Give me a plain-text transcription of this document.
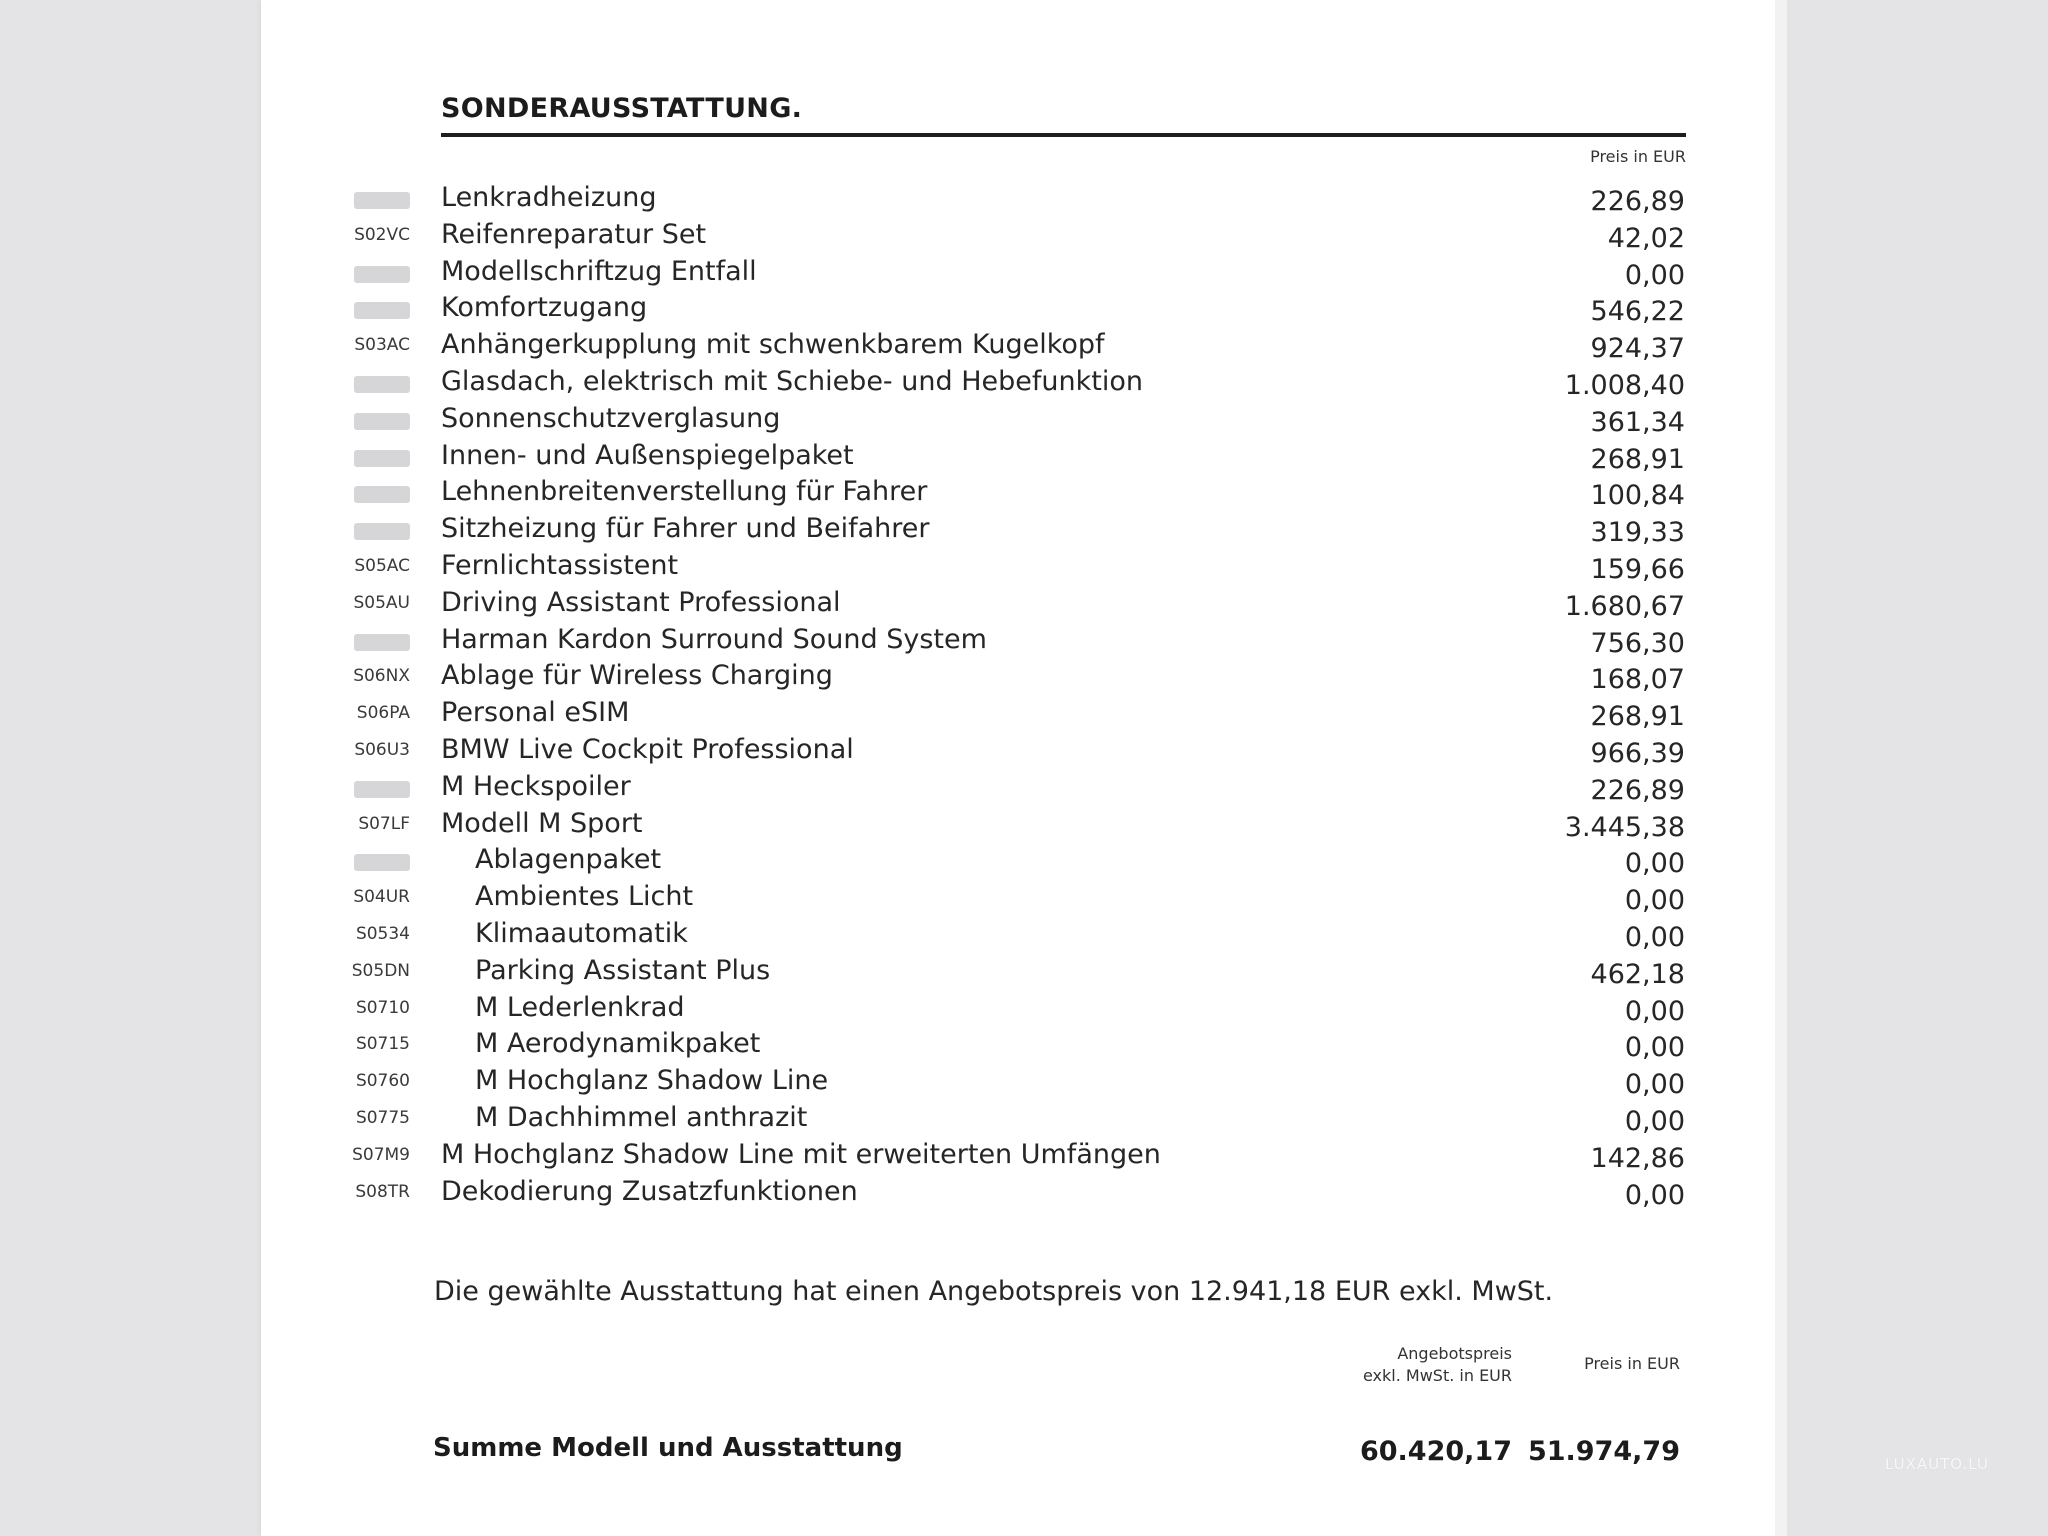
SONDERAUSSTATTUNG.
Preis in EUR
Lenkradheizung	226,89
S02VC Reifenreparatur Set	42,02
Modellschriftzug Entfall	0,00
Komfortzugang	546,22
S03AC Anhängerkupplung mit schwenkbarem Kugelkopf	924,37
Glasdach, elektrisch mit Schiebe- und Hebefunktion	1.008,40
Sonnenschutzverglasung	361,34
Innen- und Außenspiegelpaket	268,91
Lehnenbreitenverstellung für Fahrer	100,84
Sitzheizung für Fahrer und Beifahrer	319,33
S05AC Fernlichtassistent	159,66
S05AU Driving Assistant Professional	1.680,67
Harman Kardon Surround Sound System	756,30
S06NX Ablage für Wireless Charging	168,07
S06PA Personal eSIM	268,91
S06U3 BMW Live Cockpit Professional	966,39
M Heckspoiler	226,89
S07LF Modell M Sport	3.445,38
Ablagenpaket	0,00
S04UR Ambientes Licht	0,00
S0534 Klimaautomatik	0,00
S05DN Parking Assistant Plus	462,18
S0710 M Lederlenkrad	0,00
S0715 M Aerodynamikpaket	0,00
S0760 M Hochglanz Shadow Line	0,00
S0775 M Dachhimmel anthrazit	0,00
S07M9 M Hochglanz Shadow Line mit erweiterten Umfängen	142,86
S08TR Dekodierung Zusatzfunktionen	0,00
Die gewählte Ausstattung hat einen Angebotspreis von 12.941,18 EUR exkl. MwSt.
Angebotspreis
exkl. MwSt. in EUR
Preis in EUR
Summe Modell und Ausstattung	60.420,17 51.974,79	LUXAUTO.LU
